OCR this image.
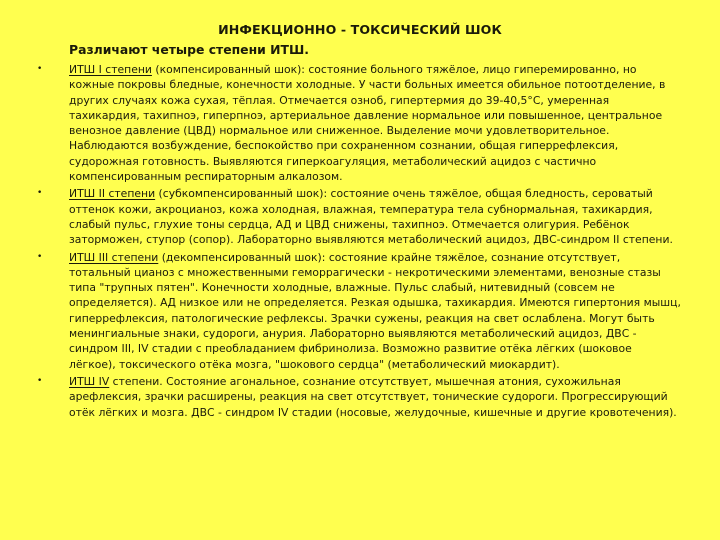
ИНФЕКЦИОННО - ТОКСИЧЕСКИЙ ШОК
Различают четыре степени ИТШ.
• ИТШ I степени (компенсированный шок): состояние больного тяжёлое, лицо гиперемированно, но кожные покровы бледные, конечности холодные. У части больных имеется обильное потоотделение, в других случаях кожа сухая, тёплая. Отмечается озноб, гипертермия до 39-40,5°С, умеренная тахикардия, тахипноэ, гиперпноэ, артериальное давление нормальное или повышенное, центральное венозное давление (ЦВД) нормальное или сниженное. Выделение мочи удовлетворительное. Наблюдаются возбуждение, беспокойство при сохраненном сознании, общая гиперрефлексия, судорожная готовность. Выявляются гиперкоагуляция, метаболический ацидоз с частично компенсированным респираторным алкалозом.
• ИТШ II степени (субкомпенсированный шок): состояние очень тяжёлое, общая бледность, сероватый оттенок кожи, акроцианоз, кожа холодная, влажная, температура тела субнормальная, тахикардия, слабый пульс, глухие тоны сердца, АД и ЦВД снижены, тахипноэ. Отмечается олигурия. Ребёнок заторможен, ступор (сопор). Лабораторно выявляются метаболический ацидоз, ДВС-синдром II степени.
• ИТШ III степени (декомпенсированный шок): состояние крайне тяжёлое, сознание отсутствует, тотальный цианоз с множественными геморрагически - некротическими элементами, венозные стазы типа "трупных пятен". Конечности холодные, влажные. Пульс слабый, нитевидный (совсем не определяется). АД низкое или не определяется. Резкая одышка, тахикардия. Имеются гипертония мышц, гиперрефлексия, патологические рефлексы. Зрачки сужены, реакция на свет ослаблена. Могут быть менингиальные знаки, судороги, анурия. Лабораторно выявляются метаболический ацидоз, ДВС - синдром III, IV стадии с преобладанием фибринолиза. Возможно развитие отёка лёгких (шоковое лёгкое), токсического отёка мозга, "шокового сердца" (метаболический миокардит).
• ИТШ IV степени. Состояние агональное, сознание отсутствует, мышечная атония, сухожильная арефлексия, зрачки расширены, реакция на свет отсутствует, тонические судороги. Прогрессирующий отёк лёгких и мозга. ДВС - синдром IV стадии (носовые, желудочные, кишечные и другие кровотечения).
